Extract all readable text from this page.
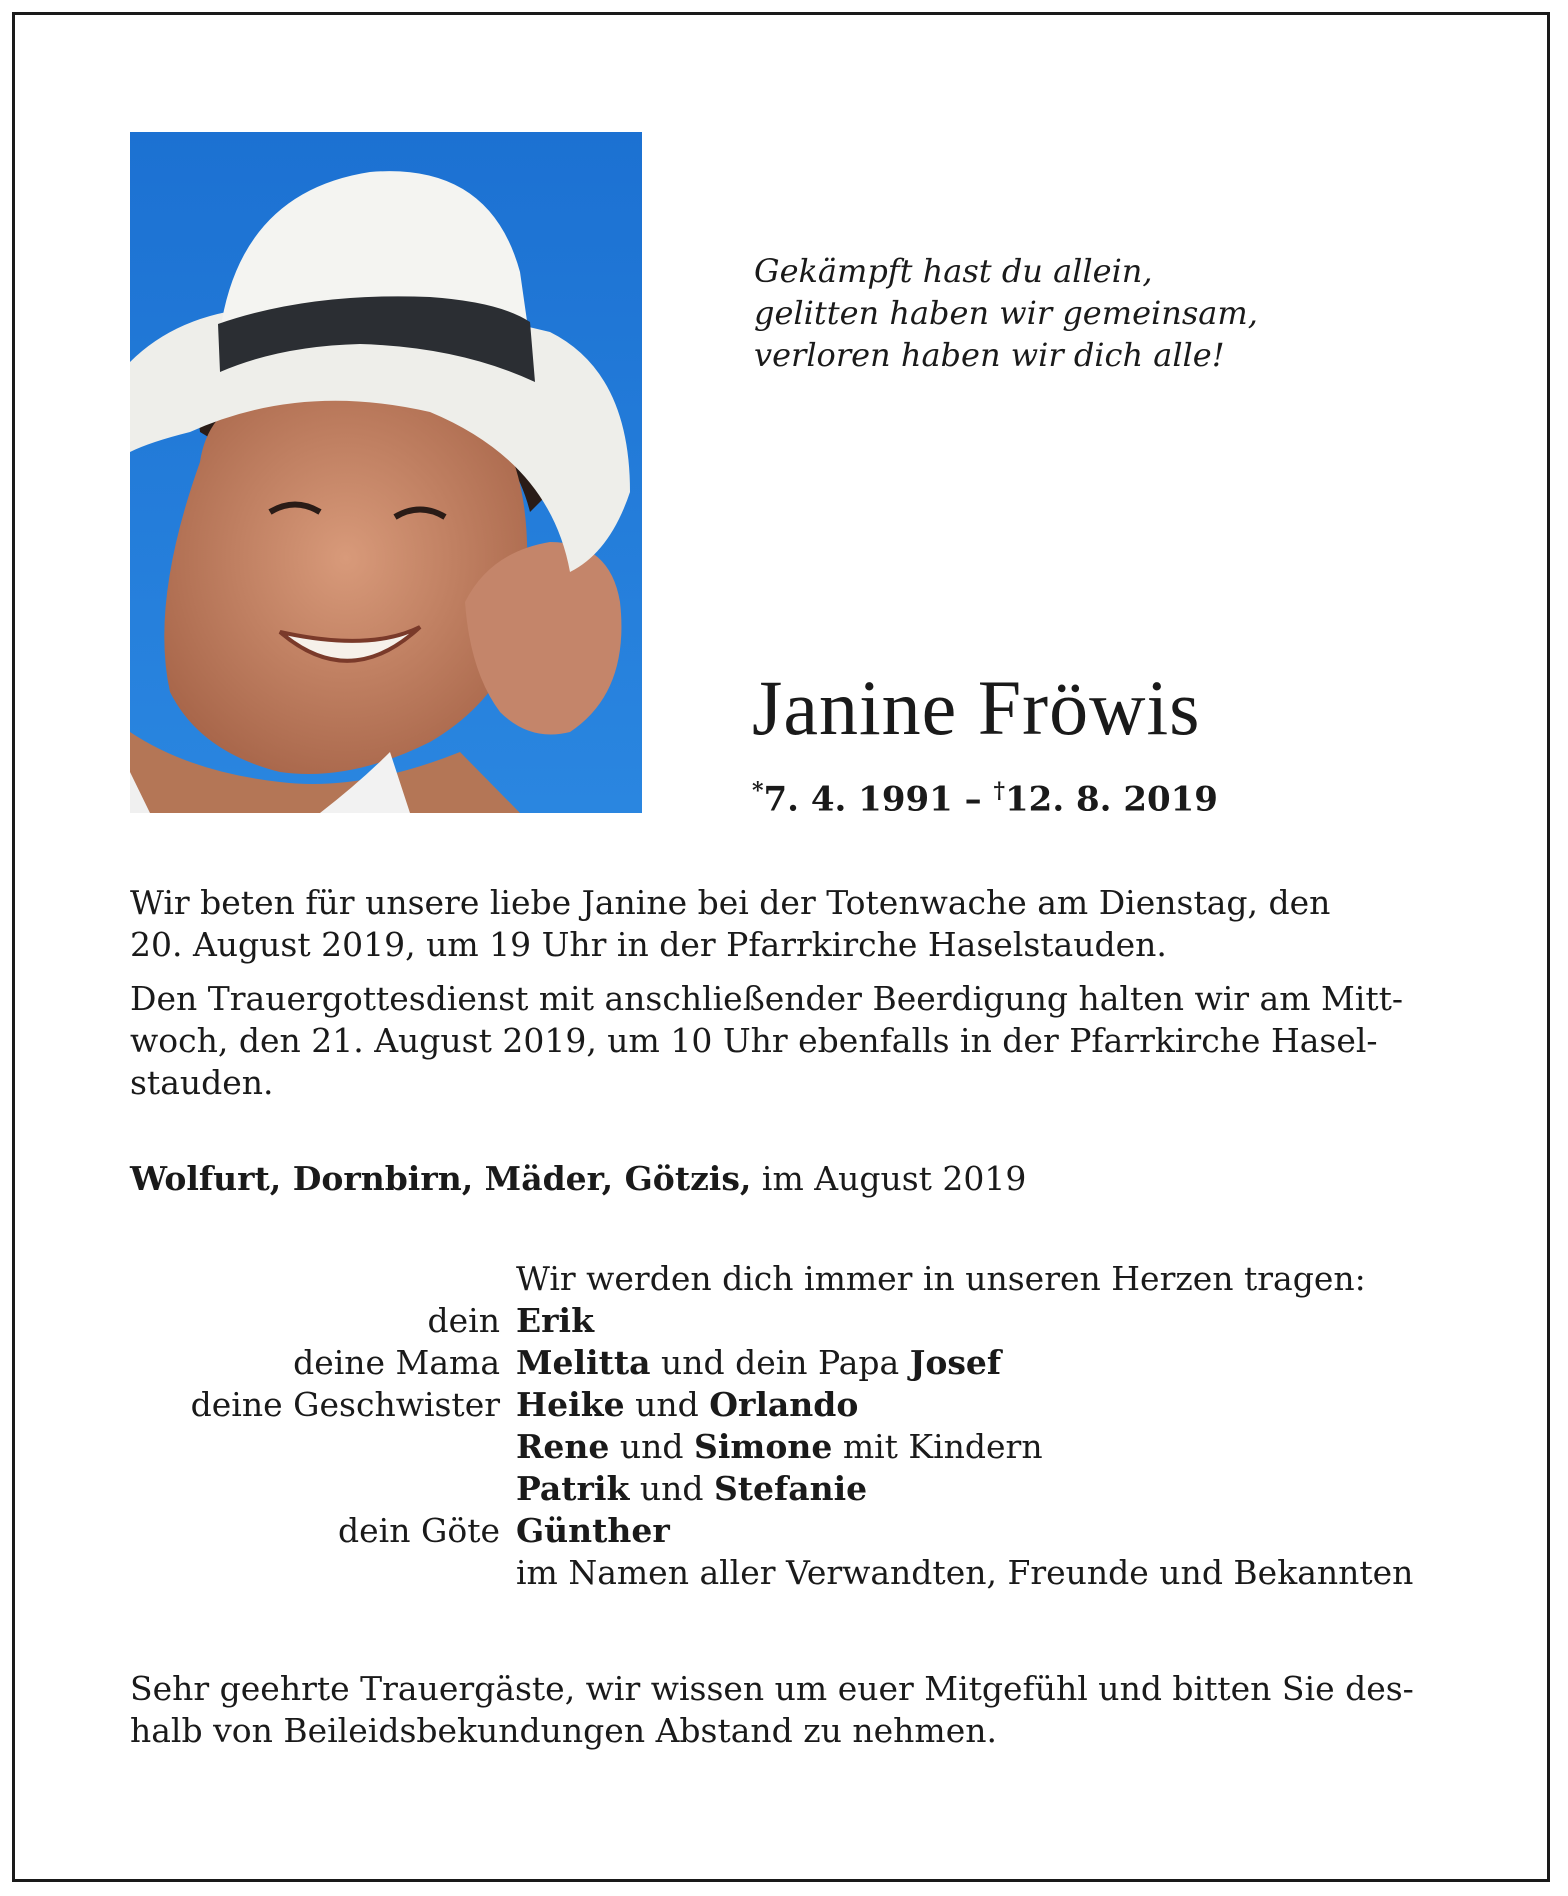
Gekämpft hast du allein,
gelitten haben wir gemeinsam,
verloren haben wir dich alle!
Janine Fröwis
*7. 4. 1991 – †12. 8. 2019
Wir beten für unsere liebe Janine bei der Totenwache am Dienstag, den
20. August 2019, um 19 Uhr in der Pfarrkirche Haselstauden.
Den Trauergottesdienst mit anschließender Beerdigung halten wir am Mitt-
woch, den 21. August 2019, um 10 Uhr ebenfalls in der Pfarrkirche Hasel-
stauden.
Wolfurt, Dornbirn, Mäder, Götzis, im August 2019
Wir werden dich immer in unseren Herzen tragen:
dein Erik
deine Mama Melitta und dein Papa Josef
deine Geschwister Heike und Orlando
Rene und Simone mit Kindern
Patrik und Stefanie
dein Göte Günther
im Namen aller Verwandten, Freunde und Bekannten
Sehr geehrte Trauergäste, wir wissen um euer Mitgefühl und bitten Sie des-
halb von Beileidsbekundungen Abstand zu nehmen.
